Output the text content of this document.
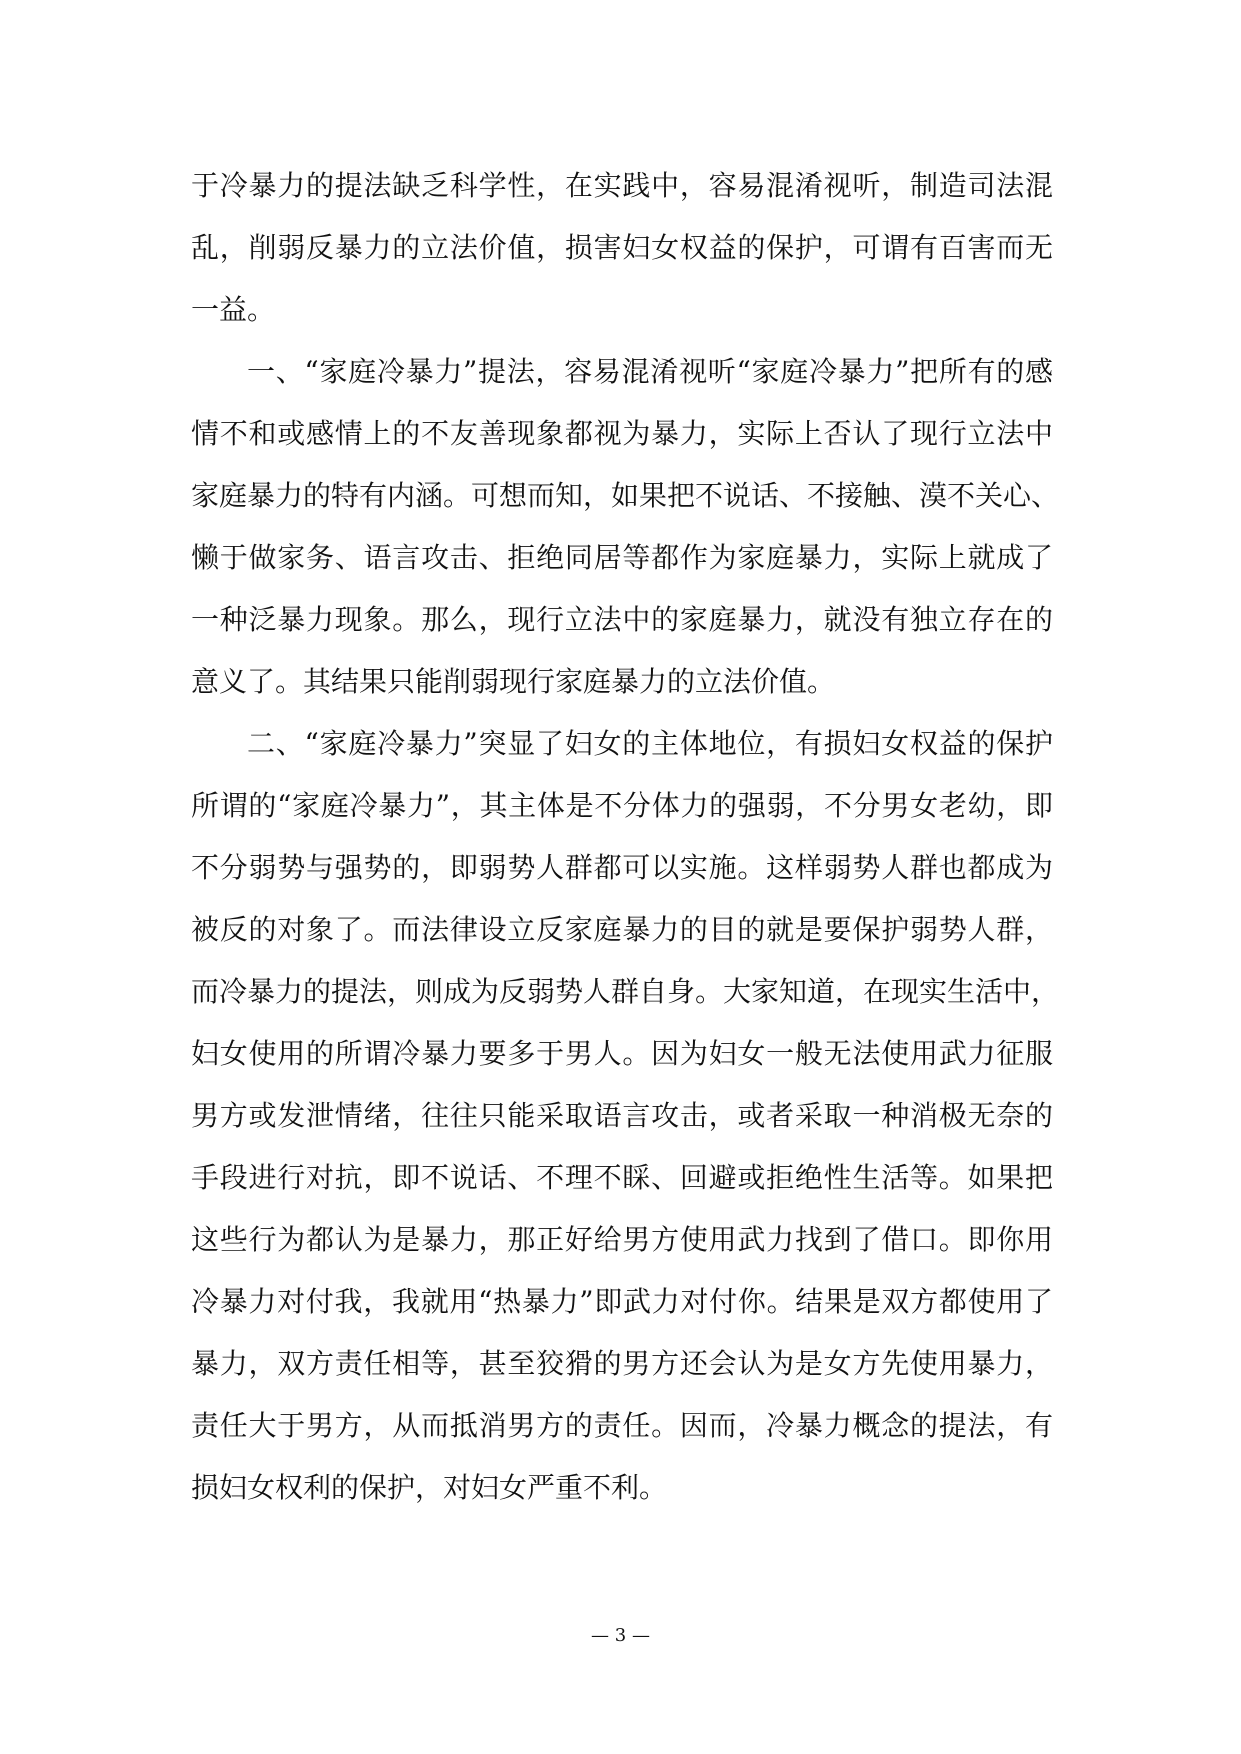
于冷暴力的提法缺乏科学性，在实践中，容易混淆视听，制造司法混
乱，削弱反暴力的立法价值，损害妇女权益的保护，可谓有百害而无
一益。
一、“家庭冷暴力”提法，容易混淆视听“家庭冷暴力”把所有的感
情不和或感情上的不友善现象都视为暴力，实际上否认了现行立法中
家庭暴力的特有内涵。可想而知，如果把不说话、不接触、漠不关心、
懒于做家务、语言攻击、拒绝同居等都作为家庭暴力，实际上就成了
一种泛暴力现象。那么，现行立法中的家庭暴力，就没有独立存在的
意义了。其结果只能削弱现行家庭暴力的立法价值。
二、“家庭冷暴力”突显了妇女的主体地位，有损妇女权益的保护
所谓的“家庭冷暴力”，其主体是不分体力的强弱，不分男女老幼，即
不分弱势与强势的，即弱势人群都可以实施。这样弱势人群也都成为
被反的对象了。而法律设立反家庭暴力的目的就是要保护弱势人群，
而冷暴力的提法，则成为反弱势人群自身。大家知道，在现实生活中，
妇女使用的所谓冷暴力要多于男人。因为妇女一般无法使用武力征服
男方或发泄情绪，往往只能采取语言攻击，或者采取一种消极无奈的
手段进行对抗，即不说话、不理不睬、回避或拒绝性生活等。如果把
这些行为都认为是暴力，那正好给男方使用武力找到了借口。即你用
冷暴力对付我，我就用“热暴力”即武力对付你。结果是双方都使用了
暴力，双方责任相等，甚至狡猾的男方还会认为是女方先使用暴力，
责任大于男方，从而抵消男方的责任。因而，冷暴力概念的提法，有
损妇女权利的保护，对妇女严重不利。
— 3 —
